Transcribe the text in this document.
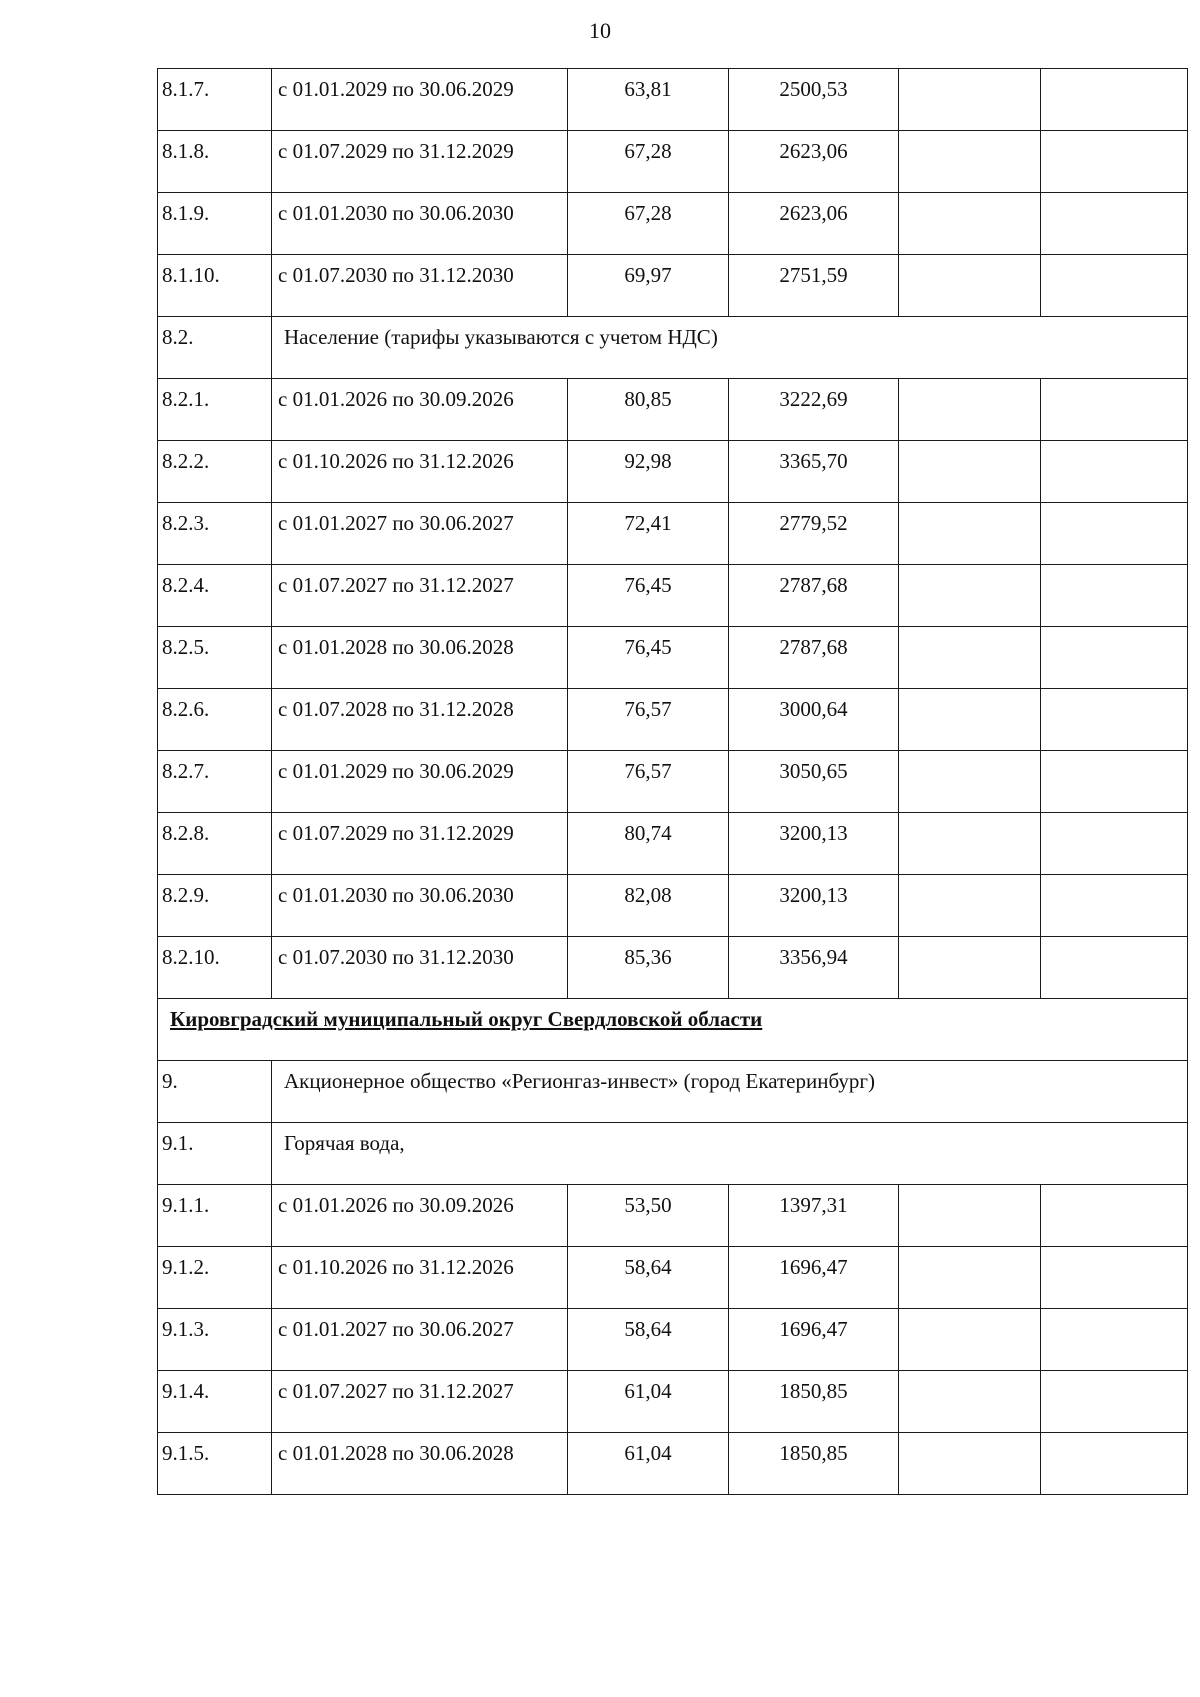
10
8.1.7.	с 01.01.2029 по 30.06.2029	63,81	2500,53		
8.1.8.	с 01.07.2029 по 31.12.2029	67,28	2623,06		
8.1.9.	с 01.01.2030 по 30.06.2030	67,28	2623,06		
8.1.10.	с 01.07.2030 по 31.12.2030	69,97	2751,59		
8.2.	Население (тарифы указываются с учетом НДС)				
8.2.1.	с 01.01.2026 по 30.09.2026	80,85	3222,69		
8.2.2.	с 01.10.2026 по 31.12.2026	92,98	3365,70		
8.2.3.	с 01.01.2027 по 30.06.2027	72,41	2779,52		
8.2.4.	с 01.07.2027 по 31.12.2027	76,45	2787,68		
8.2.5.	с 01.01.2028 по 30.06.2028	76,45	2787,68		
8.2.6.	с 01.07.2028 по 31.12.2028	76,57	3000,64		
8.2.7.	с 01.01.2029 по 30.06.2029	76,57	3050,65		
8.2.8.	с 01.07.2029 по 31.12.2029	80,74	3200,13		
8.2.9.	с 01.01.2030 по 30.06.2030	82,08	3200,13		
8.2.10.	с 01.07.2030 по 31.12.2030	85,36	3356,94		
Кировградский муниципальный округ Свердловской области					
9.	Акционерное общество «Регионгаз-инвест» (город Екатеринбург)				
9.1.	Горячая вода,				
9.1.1.	с 01.01.2026 по 30.09.2026	53,50	1397,31		
9.1.2.	с 01.10.2026 по 31.12.2026	58,64	1696,47		
9.1.3.	с 01.01.2027 по 30.06.2027	58,64	1696,47		
9.1.4.	с 01.07.2027 по 31.12.2027	61,04	1850,85		
9.1.5.	с 01.01.2028 по 30.06.2028	61,04	1850,85		
